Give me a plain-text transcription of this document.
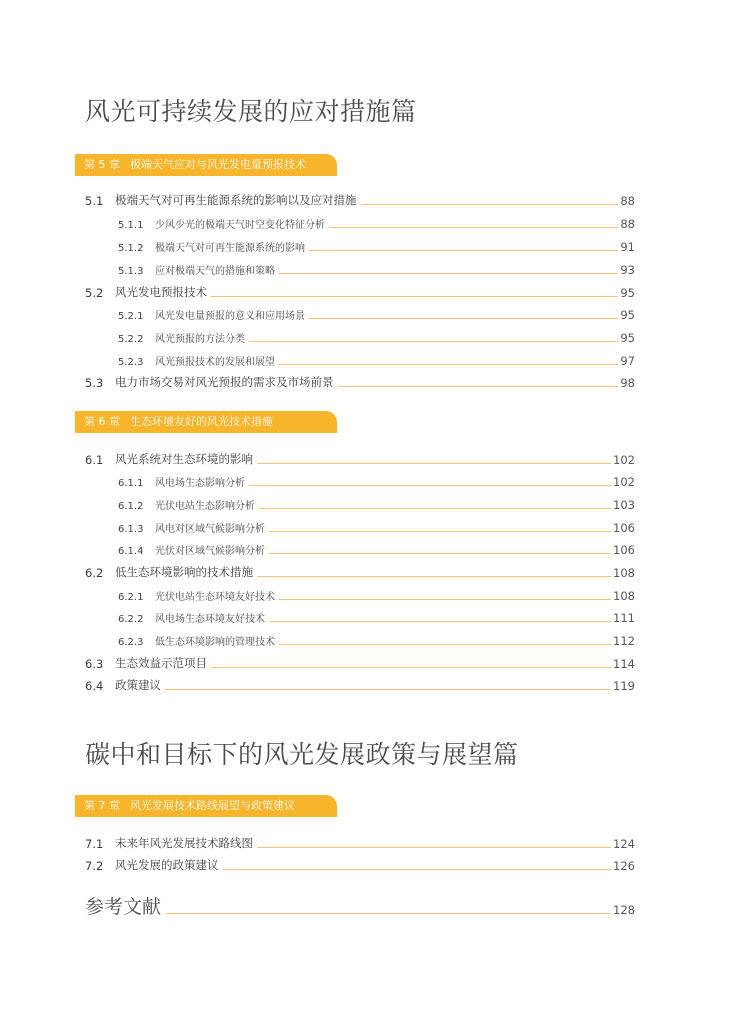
风光可持续发展的应对措施篇
第 5 章 极端天气应对与风光发电量预报技术
5.1	极端天气对可再生能源系统的影响以及应对措施	88
5.1.1	少风少光的极端天气时空变化特征分析	88
5.1.2	极端天气对可再生能源系统的影响	91
5.1.3	应对极端天气的措施和策略	93
5.2	风光发电预报技术	95
5.2.1	风光发电量预报的意义和应用场景	95
5.2.2	风光预报的方法分类	95
5.2.3	风光预报技术的发展和展望	97
5.3	电力市场交易对风光预报的需求及市场前景	98
第 6 章 生态环境友好的风光技术措施
6.1	风光系统对生态环境的影响	102
6.1.1	风电场生态影响分析	102
6.1.2	光伏电站生态影响分析	103
6.1.3	风电对区域气候影响分析	106
6.1.4	光伏对区域气候影响分析	106
6.2	低生态环境影响的技术措施	108
6.2.1	光伏电站生态环境友好技术	108
6.2.2	风电场生态环境友好技术	111
6.2.3	低生态环境影响的管理技术	112
6.3	生态效益示范项目	114
6.4	政策建议	119
碳中和目标下的风光发展政策与展望篇
第 7 章 风光发展技术路线展望与政策建议
7.1	未来年风光发展技术路线图	124
7.2	风光发展的政策建议	126
参考文献	128
